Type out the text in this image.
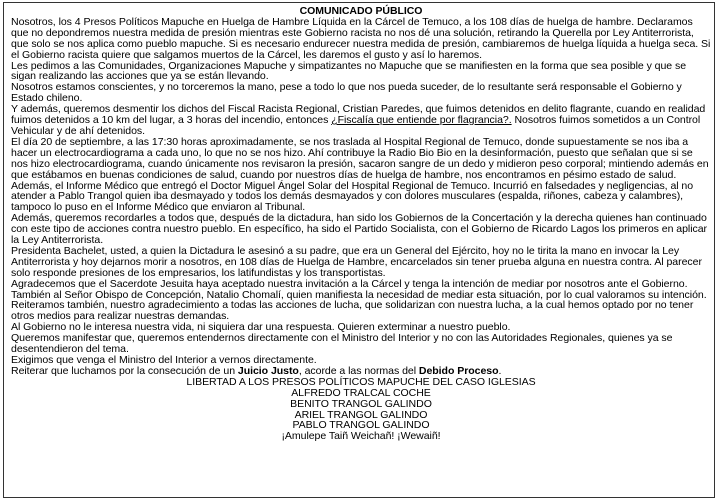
COMUNICADO PÚBLICO

Nosotros, los 4 Presos Políticos Mapuche en Huelga de Hambre Líquida en la Cárcel de Temuco, a los 108 días de huelga de hambre. Declaramos que no depondremos nuestra medida de presión mientras este Gobierno racista no nos dé una solución, retirando la Querella por Ley Antiterrorista, que solo se nos aplica como pueblo mapuche. Si es necesario endurecer nuestra medida de presión, cambiaremos de huelga líquida a huelga seca. Si el Gobierno racista quiere que salgamos muertos de la Cárcel, les daremos el gusto y así lo haremos.

Les pedimos a las Comunidades, Organizaciones Mapuche y simpatizantes no Mapuche que se manifiesten en la forma que sea posible y que se sigan realizando las acciones que ya se están llevando.

Nosotros estamos conscientes, y no torceremos la mano, pese a todo lo que nos pueda suceder, de lo resultante será responsable el Gobierno y Estado chileno.

Y además, queremos desmentir los dichos del Fiscal Racista Regional, Cristian Paredes, que fuimos detenidos en delito flagrante, cuando en realidad fuimos detenidos a 10 km del lugar, a 3 horas del incendio, entonces ¿Fiscalía que entiende por flagrancia?. Nosotros fuimos sometidos a un Control Vehicular y de ahí detenidos.

El día 20 de septiembre, a las 17:30 horas aproximadamente, se nos traslada al Hospital Regional de Temuco, donde supuestamente se nos iba a hacer un electrocardiograma a cada uno, lo que no se nos hizo. Ahí contribuye la Radio Bio Bio en la desinformación, puesto que señalan que si se nos hizo electrocardiograma, cuando únicamente nos revisaron la presión, sacaron sangre de un dedo y midieron peso corporal; mintiendo además en que estábamos en buenas condiciones de salud, cuando por nuestros días de huelga de hambre, nos encontramos en pésimo estado de salud. Además, el Informe Médico que entregó el Doctor Miguel Ángel Solar del Hospital Regional de Temuco. Incurrió en falsedades y negligencias, al no atender a Pablo Trangol quien iba desmayado y todos los demás desmayados y con dolores musculares (espalda, riñones, cabeza y calambres), tampoco lo puso en el Informe Médico que enviaron al Tribunal.

Además, queremos recordarles a todos que, después de la dictadura, han sido los Gobiernos de la Concertación y la derecha quienes han continuado con este tipo de acciones contra nuestro pueblo. En específico, ha sido el Partido Socialista, con el Gobierno de Ricardo Lagos los primeros en aplicar la Ley Antiterrorista.

Presidenta Bachelet, usted, a quien la Dictadura le asesinó a su padre, que era un General del Ejército, hoy no le tirita la mano en invocar la Ley Antiterrorista y hoy dejarnos morir a nosotros, en 108 días de Huelga de Hambre, encarcelados sin tener prueba alguna en nuestra contra. Al parecer solo responde presiones de los empresarios, los latifundistas y los transportistas.

Agradecemos que el Sacerdote Jesuita haya aceptado nuestra invitación a la Cárcel y tenga la intención de mediar por nosotros ante el Gobierno.

También al Señor Obispo de Concepción, Natalio Chomalí, quien manifiesta la necesidad de mediar esta situación, por lo cual valoramos su intención.

Reiteramos también, nuestro agradecimiento a todas las acciones de lucha, que solidarizan con nuestra lucha, a la cual hemos optado por no tener otros medios para realizar nuestras demandas.

Al Gobierno no le interesa nuestra vida, ni siquiera dar una respuesta. Quieren exterminar a nuestro pueblo.

Queremos manifestar que, queremos entendernos directamente con el Ministro del Interior y no con las Autoridades Regionales, quienes ya se desentendieron del tema.

Exigimos que venga el Ministro del Interior a vernos directamente.

Reiterar que luchamos por la consecución de un Juicio Justo, acorde a las normas del Debido Proceso.

LIBERTAD A LOS PRESOS POLÍTICOS MAPUCHE DEL CASO IGLESIAS
ALFREDO TRALCAL COCHE
BENITO TRANGOL GALINDO
ARIEL TRANGOL GALINDO
PABLO TRANGOL GALINDO
¡Amulepe Taiñ Weichañ! ¡Wewaiñ!
